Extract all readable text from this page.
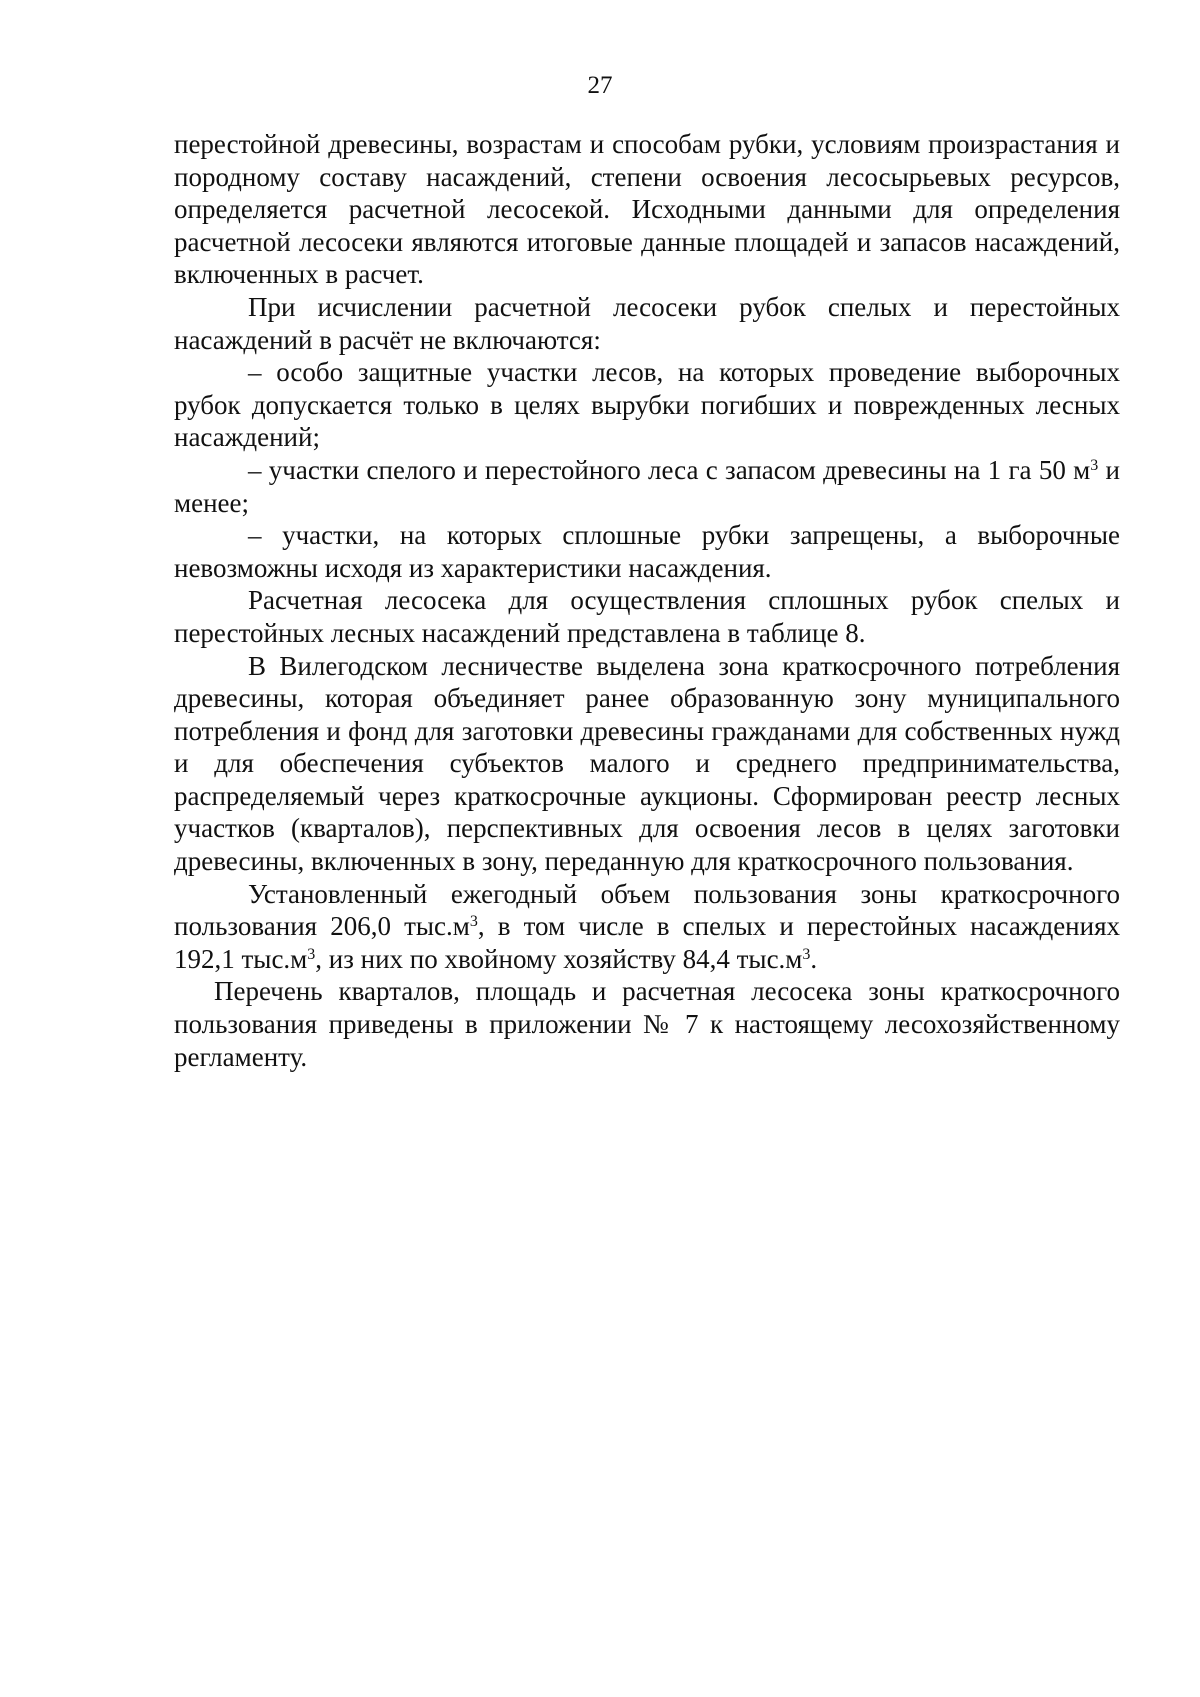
27

перестойной древесины, возрастам и способам рубки, условиям произрастания и породному составу насаждений, степени освоения лесосырьевых ресурсов, определяется расчетной лесосекой. Исходными данными для определения расчетной лесосеки являются итоговые данные площадей и запасов насаждений, включенных в расчет.

При исчислении расчетной лесосеки рубок спелых и перестойных насаждений в расчёт не включаются:

– особо защитные участки лесов, на которых проведение выборочных рубок допускается только в целях вырубки погибших и поврежденных лесных насаждений;

– участки спелого и перестойного леса с запасом древесины на 1 га 50 $м^3$ и менее;

– участки, на которых сплошные рубки запрещены, а выборочные невозможны исходя из характеристики насаждения.

Расчетная лесосека для осуществления сплошных рубок спелых и перестойных лесных насаждений представлена в таблице 8.

В Вилегодском лесничестве выделена зона краткосрочного потребления древесины, которая объединяет ранее образованную зону муниципального потребления и фонд для заготовки древесины гражданами для собственных нужд и для обеспечения субъектов малого и среднего предпринимательства, распределяемый через краткосрочные аукционы. Сформирован реестр лесных участков (кварталов), перспективных для освоения лесов в целях заготовки древесины, включенных в зону, переданную для краткосрочного пользования.

Установленный ежегодный объем пользования зоны краткосрочного пользования 206,0 $тыс.м^3$, в том числе в спелых и перестойных насаждениях 192,1 $тыс.м^3$, из них по хвойному хозяйству 84,4 $тыс.м^3$.

Перечень кварталов, площадь и расчетная лесосека зоны краткосрочного пользования приведены в приложении № 7 к настоящему лесохозяйственному регламенту.
